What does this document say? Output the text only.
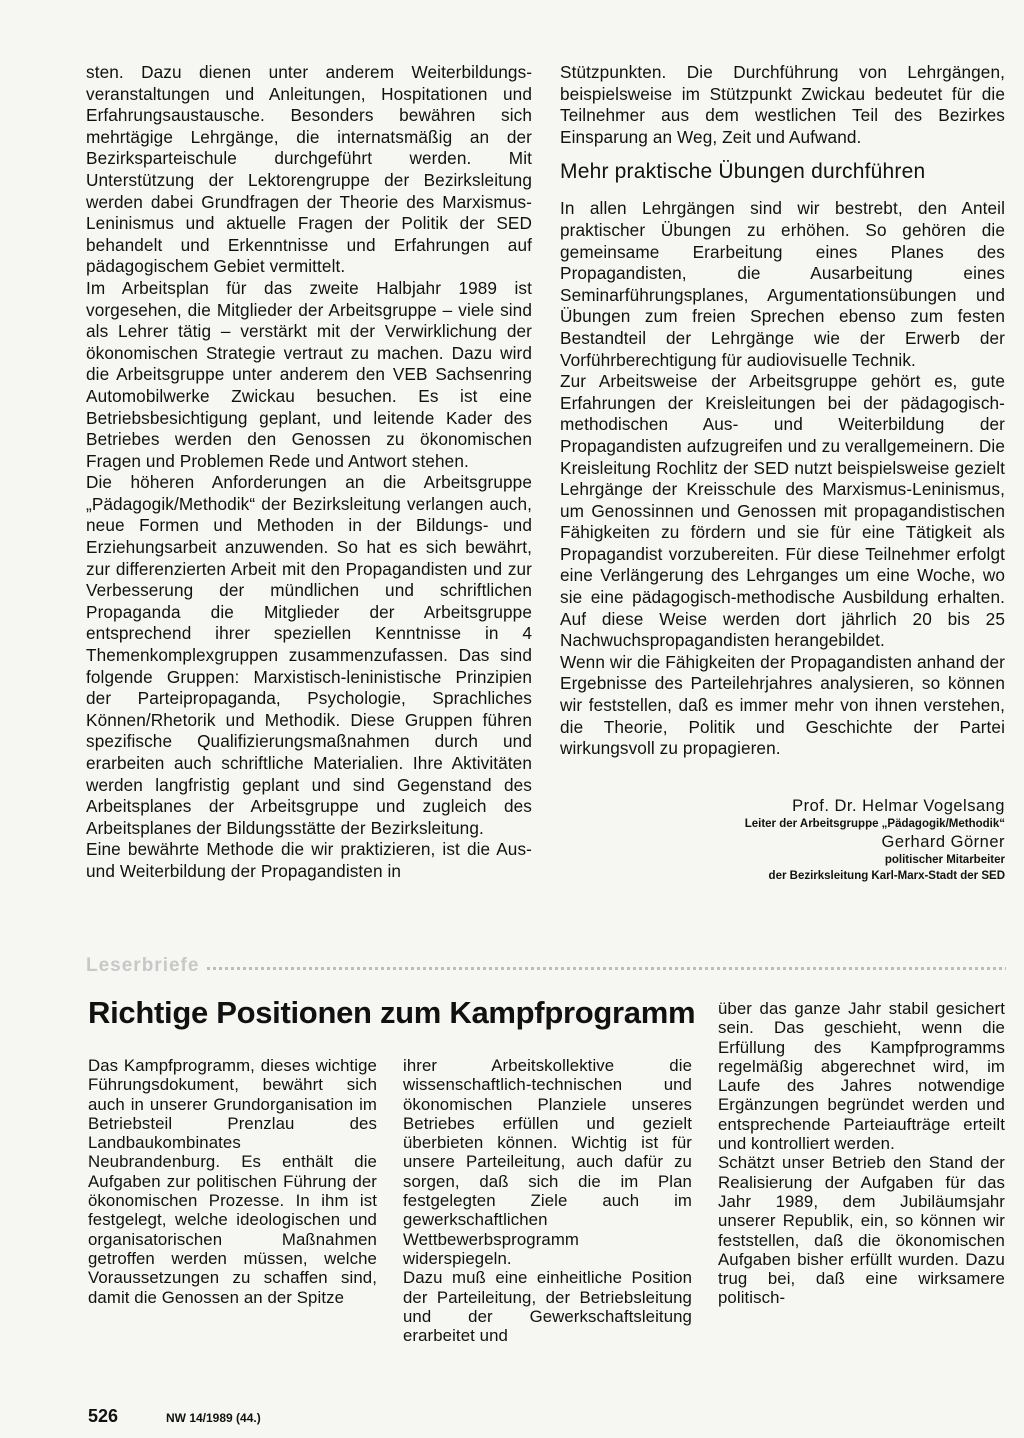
sten. Dazu dienen unter anderem Weiterbildungsveranstaltungen und Anleitungen, Hospitationen und Erfahrungsaustausche. Besonders bewähren sich mehrtägige Lehrgänge, die internatsmäßig an der Bezirksparteischule durchgeführt werden. Mit Unterstützung der Lektorengruppe der Bezirksleitung werden dabei Grundfragen der Theorie des Marxismus-Leninismus und aktuelle Fragen der Politik der SED behandelt und Erkenntnisse und Erfahrungen auf pädagogischem Gebiet vermittelt.

Im Arbeitsplan für das zweite Halbjahr 1989 ist vorgesehen, die Mitglieder der Arbeitsgruppe – viele sind als Lehrer tätig – verstärkt mit der Verwirklichung der ökonomischen Strategie vertraut zu machen. Dazu wird die Arbeitsgruppe unter anderem den VEB Sachsenring Automobilwerke Zwickau besuchen. Es ist eine Betriebsbesichtigung geplant, und leitende Kader des Betriebes werden den Genossen zu ökonomischen Fragen und Problemen Rede und Antwort stehen.

Die höheren Anforderungen an die Arbeitsgruppe „Pädagogik/Methodik“ der Bezirksleitung verlangen auch, neue Formen und Methoden in der Bildungs- und Erziehungsarbeit anzuwenden. So hat es sich bewährt, zur differenzierten Arbeit mit den Propagandisten und zur Verbesserung der mündlichen und schriftlichen Propaganda die Mitglieder der Arbeitsgruppe entsprechend ihrer speziellen Kenntnisse in 4 Themenkomplexgruppen zusammenzufassen. Das sind folgende Gruppen: Marxistisch-leninistische Prinzipien der Parteipropaganda, Psychologie, Sprachliches Können/Rhetorik und Methodik. Diese Gruppen führen spezifische Qualifizierungsmaßnahmen durch und erarbeiten auch schriftliche Materialien. Ihre Aktivitäten werden langfristig geplant und sind Gegenstand des Arbeitsplanes der Arbeitsgruppe und zugleich des Arbeitsplanes der Bildungsstätte der Bezirksleitung.

Eine bewährte Methode die wir praktizieren, ist die Aus- und Weiterbildung der Propagandisten in

Stützpunkten. Die Durchführung von Lehrgängen, beispielsweise im Stützpunkt Zwickau bedeutet für die Teilnehmer aus dem westlichen Teil des Bezirkes Einsparung an Weg, Zeit und Aufwand.

Mehr praktische Übungen durchführen

In allen Lehrgängen sind wir bestrebt, den Anteil praktischer Übungen zu erhöhen. So gehören die gemeinsame Erarbeitung eines Planes des Propagandisten, die Ausarbeitung eines Seminarführungsplanes, Argumentationsübungen und Übungen zum freien Sprechen ebenso zum festen Bestandteil der Lehrgänge wie der Erwerb der Vorführberechtigung für audiovisuelle Technik.

Zur Arbeitsweise der Arbeitsgruppe gehört es, gute Erfahrungen der Kreisleitungen bei der pädagogisch-methodischen Aus- und Weiterbildung der Propagandisten aufzugreifen und zu verallgemeinern. Die Kreisleitung Rochlitz der SED nutzt beispielsweise gezielt Lehrgänge der Kreisschule des Marxismus-Leninismus, um Genossinnen und Genossen mit propagandistischen Fähigkeiten zu fördern und sie für eine Tätigkeit als Propagandist vorzubereiten. Für diese Teilnehmer erfolgt eine Verlängerung des Lehrganges um eine Woche, wo sie eine pädagogisch-methodische Ausbildung erhalten. Auf diese Weise werden dort jährlich 20 bis 25 Nachwuchspropagandisten herangebildet.

Wenn wir die Fähigkeiten der Propagandisten anhand der Ergebnisse des Parteilehrjahres analysieren, so können wir feststellen, daß es immer mehr von ihnen verstehen, die Theorie, Politik und Geschichte der Partei wirkungsvoll zu propagieren.

Prof. Dr. Helmar Vogelsang
Leiter der Arbeitsgruppe „Pädagogik/Methodik“
Gerhard Görner
politischer Mitarbeiter
der Bezirksleitung Karl-Marx-Stadt der SED
Leserbriefe
Richtige Positionen zum Kampfprogramm

Das Kampfprogramm, dieses wichtige Führungsdokument, bewährt sich auch in unserer Grundorganisation im Betriebsteil Prenzlau des Landbaukombinates Neubrandenburg. Es enthält die Aufgaben zur politischen Führung der ökonomischen Prozesse. In ihm ist festgelegt, welche ideologischen und organisatorischen Maßnahmen getroffen werden müssen, welche Voraussetzungen zu schaffen sind, damit die Genossen an der Spitze

ihrer Arbeitskollektive die wissenschaftlich-technischen und ökonomischen Planziele unseres Betriebes erfüllen und gezielt überbieten können. Wichtig ist für unsere Parteileitung, auch dafür zu sorgen, daß sich die im Plan festgelegten Ziele auch im gewerkschaftlichen Wettbewerbsprogramm widerspiegeln.

Dazu muß eine einheitliche Position der Parteileitung, der Betriebsleitung und der Gewerkschaftsleitung erarbeitet und

über das ganze Jahr stabil gesichert sein. Das geschieht, wenn die Erfüllung des Kampfprogramms regelmäßig abgerechnet wird, im Laufe des Jahres notwendige Ergänzungen begründet werden und entsprechende Parteiaufträge erteilt und kontrolliert werden.

Schätzt unser Betrieb den Stand der Realisierung der Aufgaben für das Jahr 1989, dem Jubiläumsjahr unserer Republik, ein, so können wir feststellen, daß die ökonomischen Aufgaben bisher erfüllt wurden. Dazu trug bei, daß eine wirksamere politisch-

526	NW 14/1989 (44.)
